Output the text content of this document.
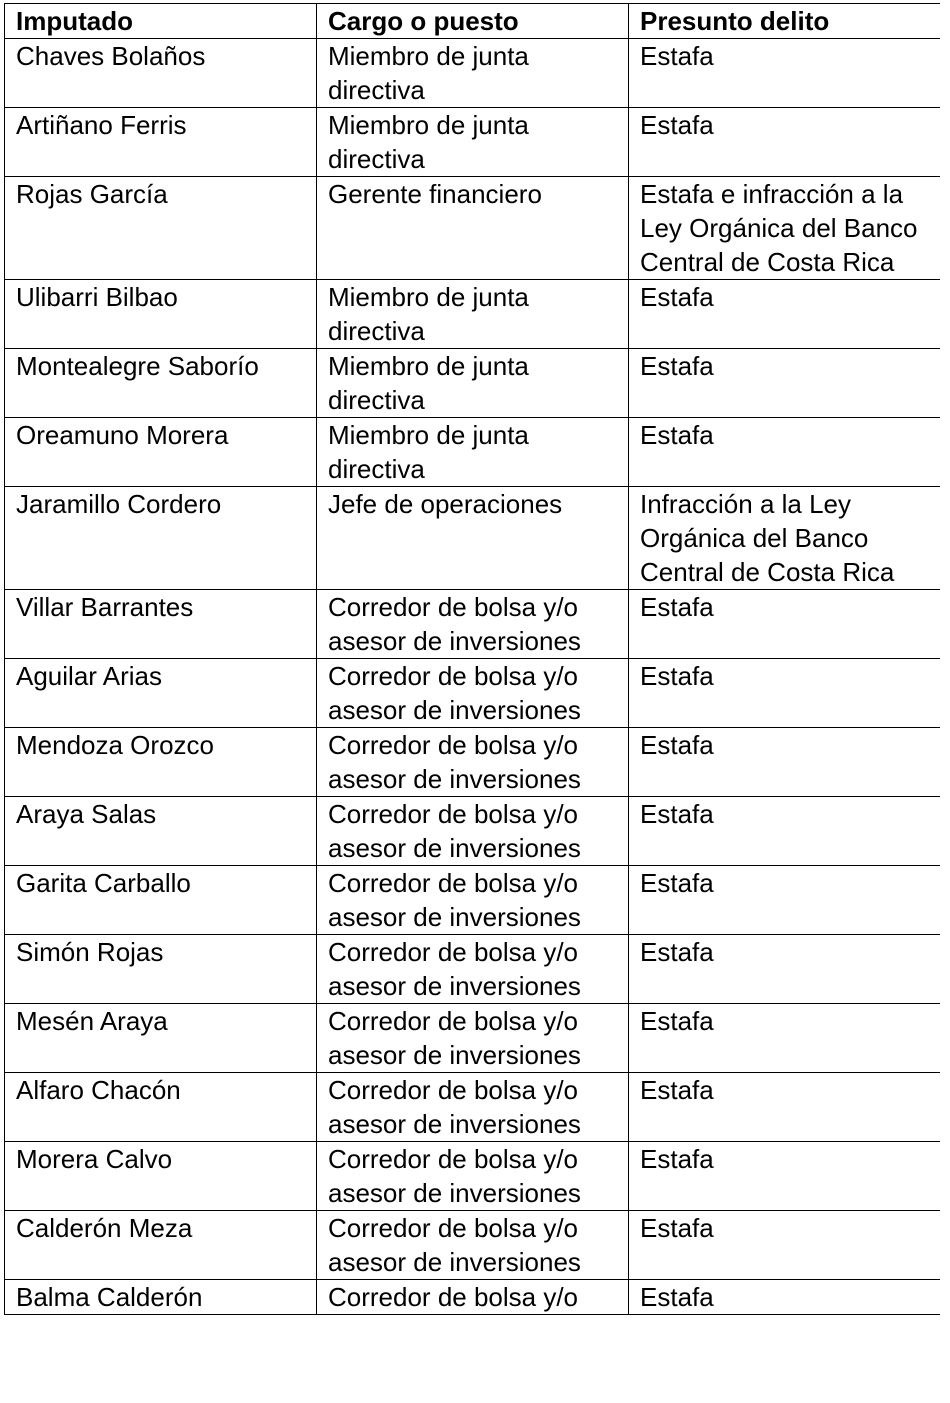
Imputado	Cargo o puesto	Presunto delito
Chaves Bolaños	Miembro de junta directiva	Estafa
Artiñano Ferris	Miembro de junta directiva	Estafa
Rojas García	Gerente financiero	Estafa e infracción a la Ley Orgánica del Banco Central de Costa Rica
Ulibarri Bilbao	Miembro de junta directiva	Estafa
Montealegre Saborío	Miembro de junta directiva	Estafa
Oreamuno Morera	Miembro de junta directiva	Estafa
Jaramillo Cordero	Jefe de operaciones	Infracción a la Ley Orgánica del Banco Central de Costa Rica
Villar Barrantes	Corredor de bolsa y/o asesor de inversiones	Estafa
Aguilar Arias	Corredor de bolsa y/o asesor de inversiones	Estafa
Mendoza Orozco	Corredor de bolsa y/o asesor de inversiones	Estafa
Araya Salas	Corredor de bolsa y/o asesor de inversiones	Estafa
Garita Carballo	Corredor de bolsa y/o asesor de inversiones	Estafa
Simón Rojas	Corredor de bolsa y/o asesor de inversiones	Estafa
Mesén Araya	Corredor de bolsa y/o asesor de inversiones	Estafa
Alfaro Chacón	Corredor de bolsa y/o asesor de inversiones	Estafa
Morera Calvo	Corredor de bolsa y/o asesor de inversiones	Estafa
Calderón Meza	Corredor de bolsa y/o asesor de inversiones	Estafa
Balma Calderón	Corredor de bolsa y/o	Estafa
